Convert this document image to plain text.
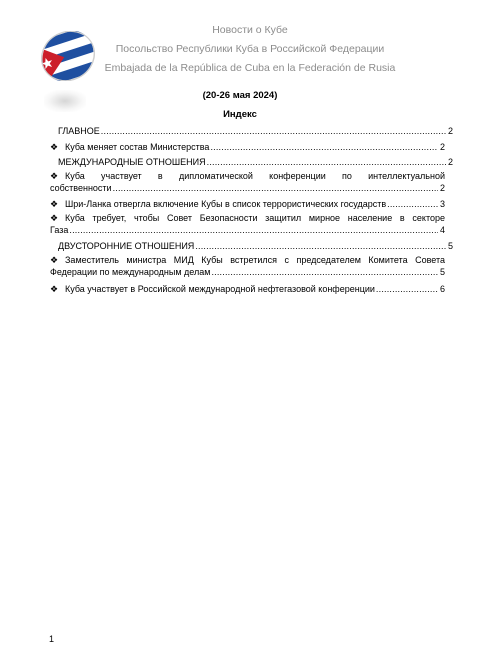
Новости о Кубе
Посольство Республики Куба в Российской Федерации
Embajada de la República de Cuba en la Federación de Rusia
(20-26 мая 2024)
Индекс
ГЛАВНОЕ .....	2
❖ Куба меняет состав Министерства .....	2
МЕЖДУНАРОДНЫЕ ОТНОШЕНИЯ .....	2
❖ Куба участвует в дипломатической конференции по интеллектуальной
собственности .....	2
❖ Шри-Ланка отвергла включение Кубы в список террористических государств .....	3
❖ Куба требует, чтобы Совет Безопасности защитил мирное население в секторе
Газа .....	4
ДВУСТОРОННИЕ ОТНОШЕНИЯ .....	5
❖ Заместитель министра МИД Кубы встретился с председателем Комитета Совета
Федерации по международным делам .....	5
❖ Куба участвует в Российской международной нефтегазовой конференции .....	6
1
